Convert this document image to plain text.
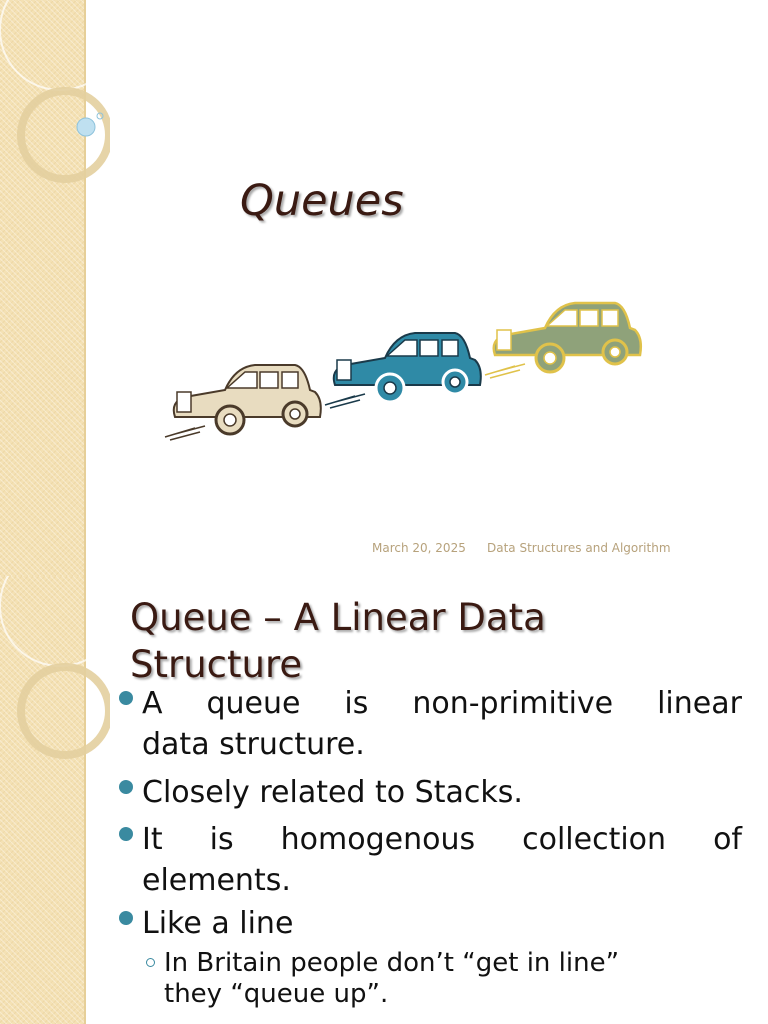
Queues
March 20, 2025 Data Structures and Algorithm
Queue – A Linear Data
Structure
A queue is non-primitive linear
data structure.
Closely related to Stacks.
It is homogenous collection of
elements.
Like a line
In Britain people don’t “get in line”
they “queue up”.
